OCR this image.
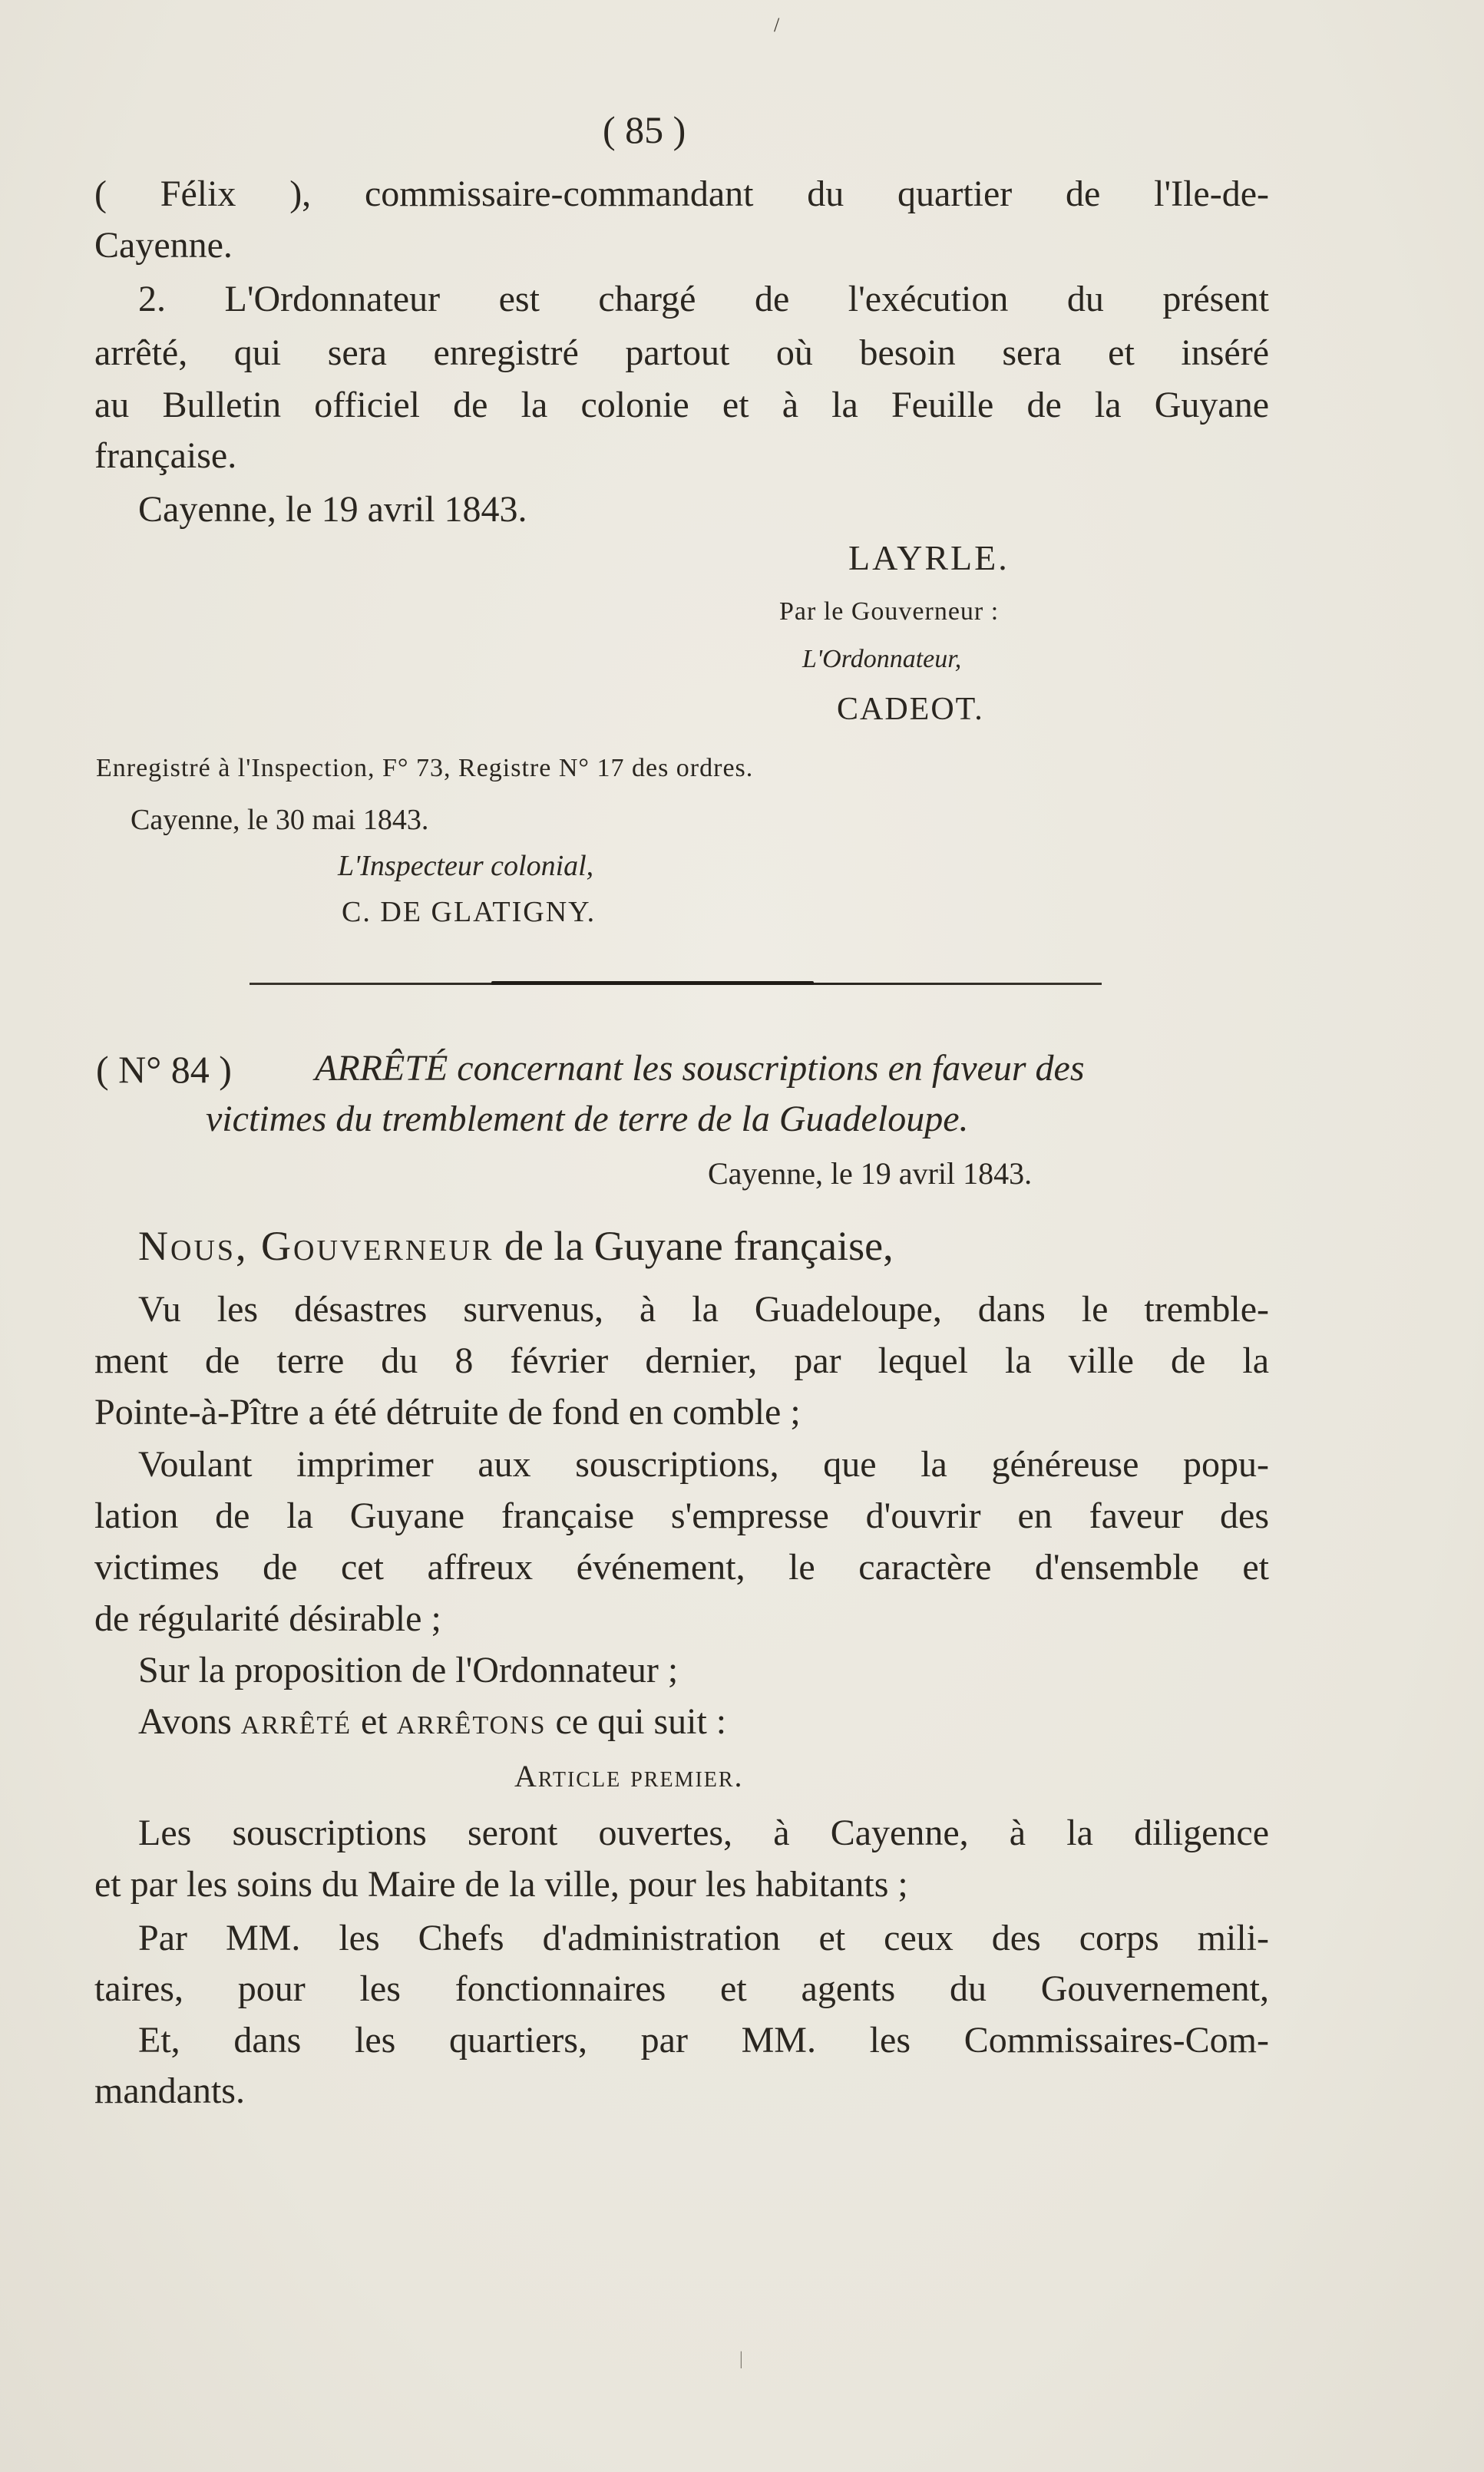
/
( 85 )
( Félix ), commissaire-commandant du quartier de l'Ile-de-
Cayenne.
2. L'Ordonnateur est chargé de l'exécution du présent
arrêté, qui sera enregistré partout où besoin sera et inséré
au Bulletin officiel de la colonie et à la Feuille de la Guyane
française.
Cayenne, le 19 avril 1843.
LAYRLE.
Par le Gouverneur :
L'Ordonnateur,
CADEOT.
Enregistré à l'Inspection, F° 73, Registre N° 17 des ordres.
Cayenne, le 30 mai 1843.
L'Inspecteur colonial,
C. DE GLATIGNY.
( N° 84 ) ARRÊTÉ concernant les souscriptions en faveur des
victimes du tremblement de terre de la Guadeloupe.
Cayenne, le 19 avril 1843.
Nous, Gouverneur de la Guyane française,
Vu les désastres survenus, à la Guadeloupe, dans le tremble-
ment de terre du 8 février dernier, par lequel la ville de la
Pointe-à-Pître a été détruite de fond en comble ;
Voulant imprimer aux souscriptions, que la généreuse popu-
lation de la Guyane française s'empresse d'ouvrir en faveur des
victimes de cet affreux événement, le caractère d'ensemble et
de régularité désirable ;
Sur la proposition de l'Ordonnateur ;
Avons arrêté et arrêtons ce qui suit :
Article premier.
Les souscriptions seront ouvertes, à Cayenne, à la diligence
et par les soins du Maire de la ville, pour les habitants ;
Par MM. les Chefs d'administration et ceux des corps mili-
taires, pour les fonctionnaires et agents du Gouvernement,
Et, dans les quartiers, par MM. les Commissaires-Com-
mandants.
|
